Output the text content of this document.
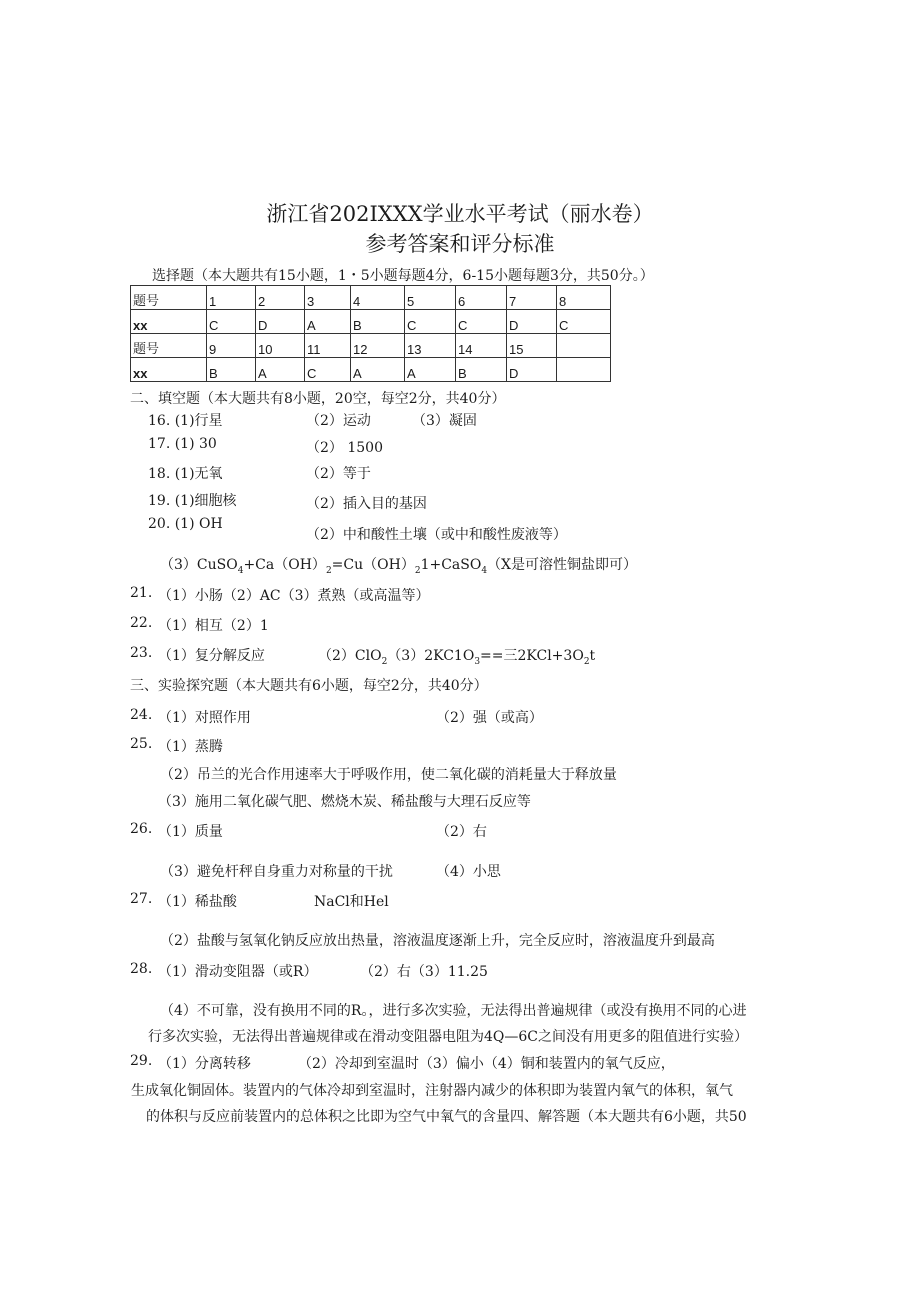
浙江省202IXXX学业水平考试（丽水卷）
参考答案和评分标准
选择题（本大题共有15小题，1・5小题每题4分，6-15小题每题3分，共50分。）
题号	1	2	3	4	5	6	7	8
xx	C	D	A	B	C	C	D	C
题号	9	10	11	12	13	14	15	
xx	B	A	C	A	A	B	D	
二、填空题（本大题共有8小题，20空，每空2分，共40分）
16. (1)行星	（2）运动	（3）凝固
17. (1) 30	（2） 1500
18. (1)无氧	（2）等于
19. (1)细胞核	（2）插入目的基因
20. (1) OH
（2）中和酸性土壤（或中和酸性废液等）
$(3)CuSO_4+Ca(OH)_2=Cu(OH)_21+CaSO_4(X$是可溶性铜盐即可）
21. （1）小肠（2）AC（3）煮熟（或高温等）
22. （1）相互（2）1
23. （1）复分解反应	$(2)ClO_2(3)2KC1O_3==$三$2KCl+3O_2t$
三、实验探究题（本大题共有6小题，每空2分，共40分）
24. （1）对照作用	（2）强（或高）
25. （1）蒸腾
（2）吊兰的光合作用速率大于呼吸作用，使二氧化碳的消耗量大于释放量
（3）施用二氧化碳气肥、燃烧木炭、稀盐酸与大理石反应等
26. （1）质量	（2）右
（3）避免杆秤自身重力对称量的干扰	（4）小思
27. （1）稀盐酸	NaCl和Hel
（2）盐酸与氢氧化钠反应放出热量，溶液温度逐渐上升，完全反应时，溶液温度升到最高
28. （1）滑动变阻器（或R）	（2）右（3）11.25
（4）不可靠，没有换用不同的R。，进行多次实验，无法得出普遍规律（或没有换用不同的心进
行多次实验，无法得出普遍规律或在滑动变阻器电阻为4Q—6C之间没有用更多的阻值进行实验）
29. （1）分离转移	（2）冷却到室温时（3）偏小（4）铜和装置内的氧气反应，
生成氧化铜固体。装置内的气体冷却到室温时，注射器内减少的体积即为装置内氧气的体积，氧气
的体积与反应前装置内的总体积之比即为空气中氧气的含量四、解答题（本大题共有6小题，共50
